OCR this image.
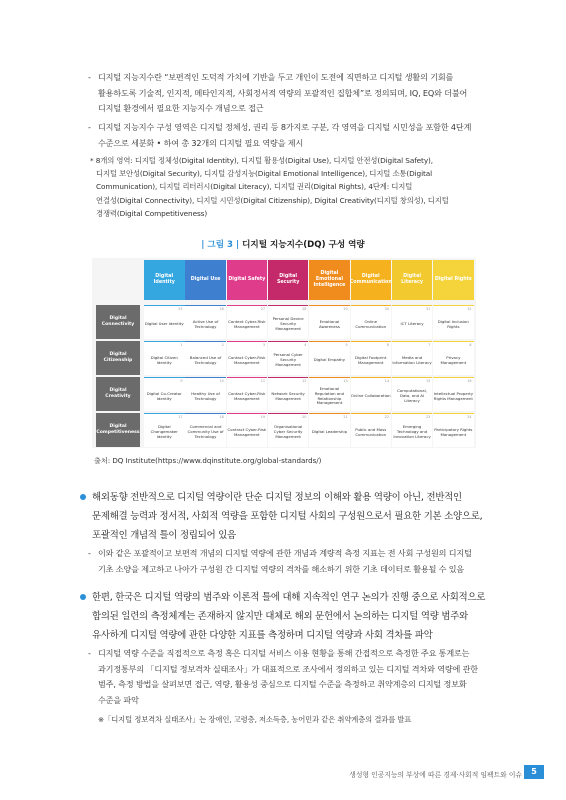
- 디지털 지능지수란 “보편적인 도덕적 가치에 기반을 두고 개인이 도전에 직면하고 디지털 생활의 기회를
활용하도록 기술적, 인지적, 메타인지적, 사회정서적 역량의 포괄적인 집합체”로 정의되며, IQ, EQ와 더불어
디지털 환경에서 필요한 지능지수 개념으로 접근
- 디지털 지능지수 구성 영역은 디지털 정체성, 권리 등 8가지로 구분, 각 영역을 디지털 시민성을 포함한 4단계
수준으로 세분화 • 하여 총 32개의 디지털 필요 역량을 제시
* 8개의 영역: 디지털 정체성(Digital Identity), 디지털 활용성(Digital Use), 디지털 안전성(Digital Safety),
디지털 보안성(Digital Security), 디지털 감성지능(Digital Emotional Intelligence), 디지털 소통(Digital
Communication), 디지털 리터러시(Digital Literacy), 디지털 권리(Digital Rights), 4단계: 디지털
연결성(Digital Connectivity), 디지털 시민성(Digital Citizenship), Digital Creativity(디지털 창의성), 디지털
경쟁력(Digital Competitiveness)
| 그림 3 | 디지털 지능지수(DQ) 구성 역량
Digital Identity
Digital Use	Digital Safety
Digital Security
Digital Emotional Intelligence
Digital Communication
Digital Literacy
Digital Rights
Digital Connectivity
25
Digital User Identity
26
Active Use of Technology
27
Content Cyber-Risk Management
28
Personal Device Security Management
29
Emotional Awareness
30
Online Communication
31
ICT Literacy
32
Digital Inclusion Rights
Digital Citizenship
1
Digital Citizen Identity
2
Balanced Use of Technology
3
Contact Cyber-Risk Management
4
Personal Cyber Security Management
5
Digital Empathy
6
Digital Footprint Management
7
Media and Information Literacy
8
Privacy Management
Digital Creativity
9
Digital Co-Creator Identity
10
Healthy Use of Technology
11
Contact Cyber-Risk Management
12
Network Security Management
13
Emotional Regulation and Relationship Management
14
Online Collaboration
15
Computational, Data, and AI Literacy
16
Intellectual Property Rights Management
Digital Competitiveness
17
Digital Changemaker Identity
18
Commercial and Community Use of Technology
19
Contract Cyber-Risk Management
20
Organisational Cyber Security Management
21
Digital Leadership
22
Public and Mass Communication
23
Emerging Technology and Innovation Literacy
24
Participatory Rights Management
출처: DQ Institute(https://www.dqinstitute.org/global-standards/)
해외동향 전반적으로 디지털 역량이란 단순 디지털 정보의 이해와 활용 역량이 아닌, 전반적인
문제해결 능력과 정서적, 사회적 역량을 포함한 디지털 사회의 구성원으로서 필요한 기본 소양으로,
포괄적인 개념적 틀이 정립되어 있음
- 이와 같은 포괄적이고 보편적 개념의 디지털 역량에 관한 개념과 계량적 측정 지표는 전 사회 구성원의 디지털
기초 소양을 제고하고 나아가 구성원 간 디지털 역량의 격차를 해소하기 위한 기초 데이터로 활용될 수 있음
한편, 한국은 디지털 역량의 범주와 이론적 틀에 대해 지속적인 연구 논의가 진행 중으로 사회적으로
합의된 일련의 측정체계는 존재하지 않지만 대체로 해외 문헌에서 논의하는 디지털 역량 범주와
유사하게 디지털 역량에 관한 다양한 지표를 측정하며 디지털 역량과 사회 격차를 파악
- 디지털 역량 수준을 직접적으로 측정 혹은 디지털 서비스 이용 현황을 통해 간접적으로 측정한 주요 통계로는
과기정통부의 「디지털 정보격차 실태조사」가 대표적으로 조사에서 정의하고 있는 디지털 격차와 역량에 관한
범주, 측정 방법을 살펴보면 접근, 역량, 활용성 중심으로 디지털 수준을 측정하고 취약계층의 디지털 정보화
수준을 파악
※「디지털 정보격차 실태조사」는 장애인, 고령층, 저소득층, 농어민과 같은 취약계층의 결과를 발표
생성형 인공지능의 부상에 따른 경제·사회적 임팩트와 이슈	5
